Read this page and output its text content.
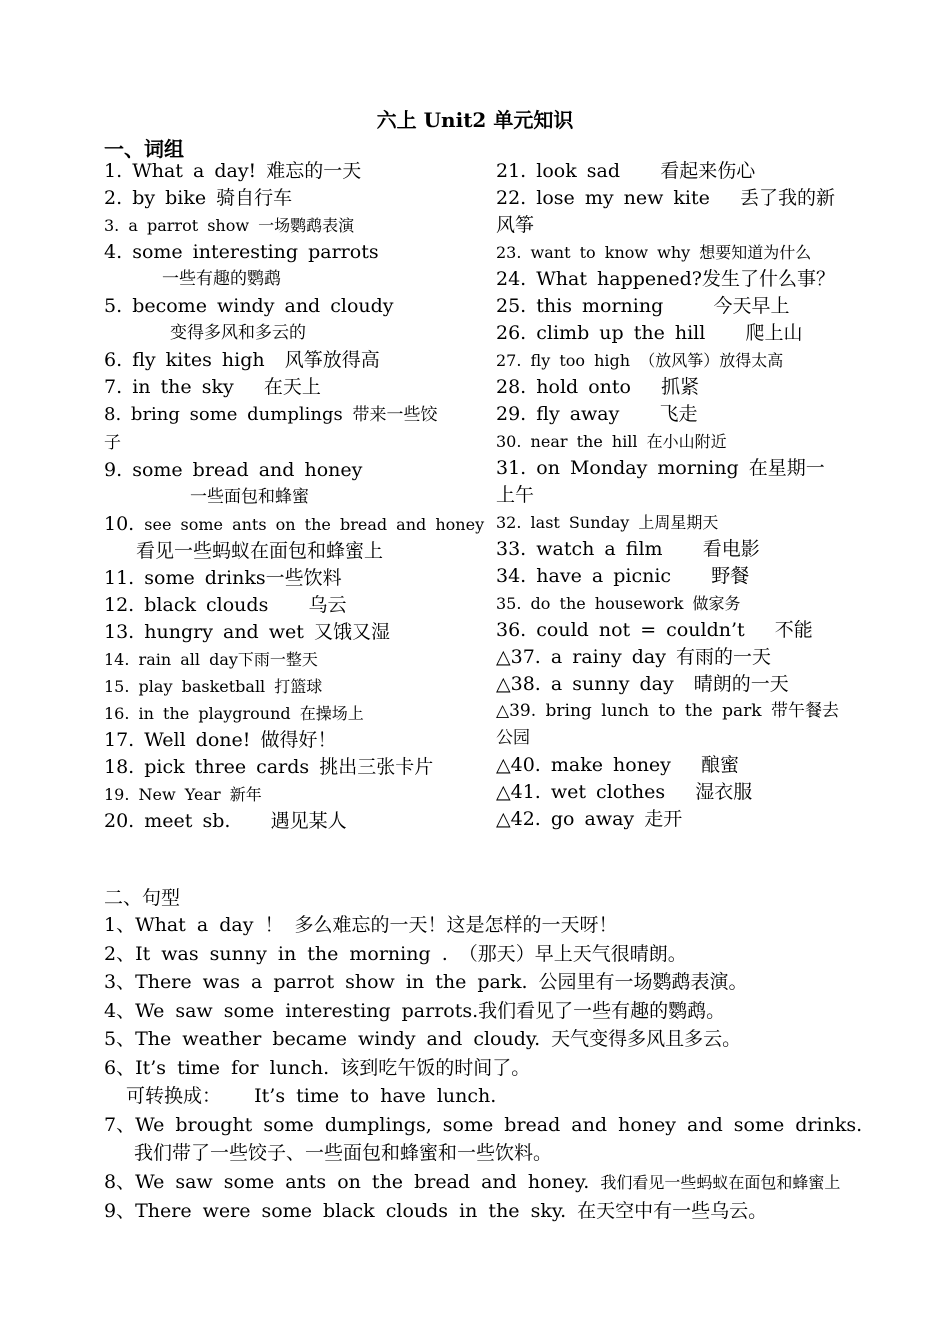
六上 Unit2 单元知识
一、词组
1. What a day! 难忘的一天
2. by bike 骑自行车
3. a parrot show 一场鹦鹉表演
4. some interesting parrots
一些有趣的鹦鹉
5. become windy and cloudy
变得多风和多云的
6. fly kites high 风筝放得高
7. in the sky 在天上
8. bring some dumplings 带来一些饺子
9. some bread and honey
一些面包和蜂蜜
10. see some ants on the bread and honey
看见一些蚂蚁在面包和蜂蜜上
11. some drinks一些饮料
12. black clouds 乌云
13. hungry and wet 又饿又湿
14. rain all day下雨一整天
15. play basketball 打篮球
16. in the playground 在操场上
17. Well done! 做得好！
18. pick three cards 挑出三张卡片
19. New Year 新年
20. meet sb. 遇见某人
21. look sad 看起来伤心
22. lose my new kite 丢了我的新风筝
23. want to know why 想要知道为什么
24. What happened?发生了什么事？
25. this morning	今天早上
26. climb up the hill 爬上山
27. fly too high （放风筝）放得太高
28. hold onto 抓紧
29. fly away 飞走
30. near the hill 在小山附近
31. on Monday morning 在星期一上午
32. last Sunday 上周星期天
33. watch a film 看电影
34. have a picnic 野餐
35. do the housework 做家务
36. could not = couldn’t 不能
△37. a rainy day 有雨的一天
△38. a sunny day 晴朗的一天
△39. bring lunch to the park 带午餐去公园
△40. make honey 酿蜜
△41. wet clothes 湿衣服
△42. go away 走开
二、句型
1、What a day ！ 多么难忘的一天！这是怎样的一天呀！
2、It was sunny in the morning . （那天）早上天气很晴朗。
3、There was a parrot show in the park. 公园里有一场鹦鹉表演。
4、We saw some interesting parrots.我们看见了一些有趣的鹦鹉。
5、The weather became windy and cloudy. 天气变得多风且多云。
6、It’s time for lunch. 该到吃午饭的时间了。
可转换成： It’s time to have lunch.
7、We brought some dumplings, some bread and honey and some drinks.
我们带了一些饺子、一些面包和蜂蜜和一些饮料。
8、We saw some ants on the bread and honey. 我们看见一些蚂蚁在面包和蜂蜜上
9、There were some black clouds in the sky. 在天空中有一些乌云。
